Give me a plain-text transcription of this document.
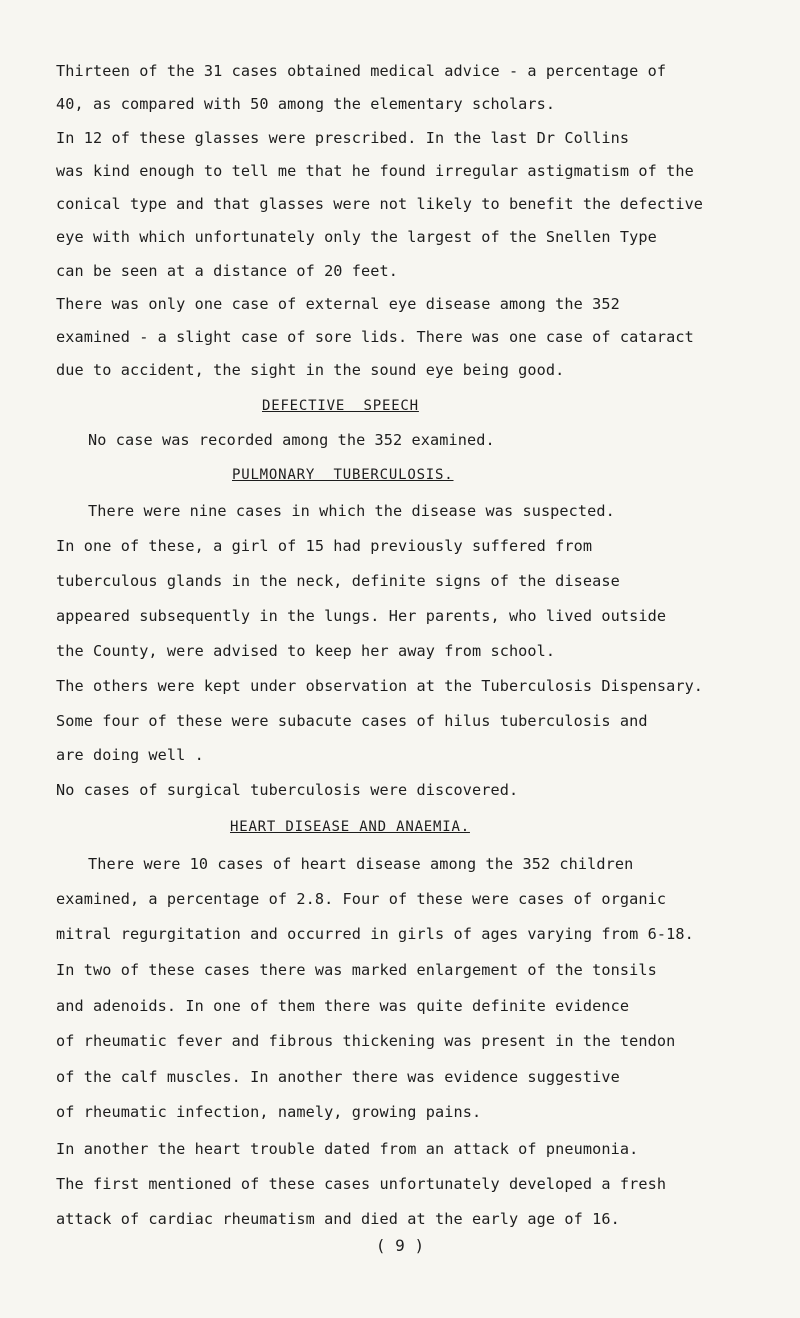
Thirteen of the 31 cases obtained medical advice - a percentage of
40, as compared with 50 among the elementary scholars.
In 12 of these glasses were prescribed. In the last Dr Collins
was kind enough to tell me that he found irregular astigmatism of the
conical type and that glasses were not likely to benefit the defective
eye with which unfortunately only the largest of the Snellen Type
can be seen at a distance of 20 feet.
There was only one case of external eye disease among the 352
examined - a slight case of sore lids. There was one case of cataract
due to accident, the sight in the sound eye being good.
DEFECTIVE  SPEECH
No case was recorded among the 352 examined.
PULMONARY  TUBERCULOSIS.
There were nine cases in which the disease was suspected.
In one of these, a girl of 15 had previously suffered from
tuberculous glands in the neck, definite signs of the disease
appeared subsequently in the lungs. Her parents, who lived outside
the County, were advised to keep her away from school.
The others were kept under observation at the Tuberculosis Dispensary.
Some four of these were subacute cases of hilus tuberculosis and
are doing well .
No cases of surgical tuberculosis were discovered.
HEART DISEASE AND ANAEMIA.
There were 10 cases of heart disease among the 352 children
examined, a percentage of 2.8. Four of these were cases of organic
mitral regurgitation and occurred in girls of ages varying from 6-18.
In two of these cases there was marked enlargement of the tonsils
and adenoids. In one of them there was quite definite evidence
of rheumatic fever and fibrous thickening was present in the tendon
of the calf muscles. In another there was evidence suggestive
of rheumatic infection, namely, growing pains.
In another the heart trouble dated from an attack of pneumonia.
The first mentioned of these cases unfortunately developed a fresh
attack of cardiac rheumatism and died at the early age of 16.
( 9 )
